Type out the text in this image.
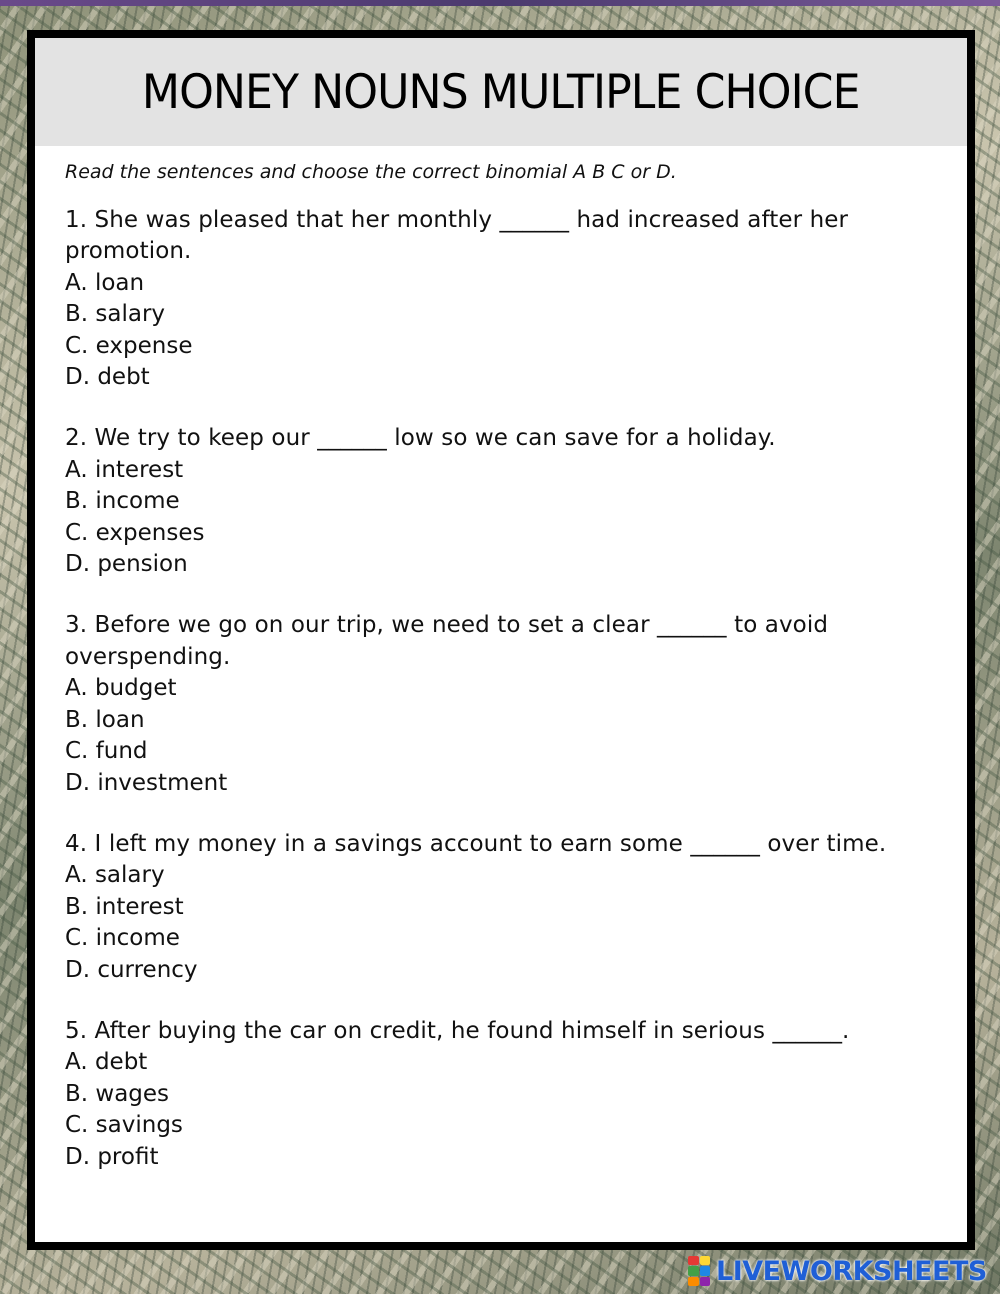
MONEY NOUNS MULTIPLE CHOICE

Read the sentences and choose the correct binomial A B C or D.

1. She was pleased that her monthly ______ had increased after her promotion.

A. loan
B. salary
C. expense
D. debt

2. We try to keep our ______ low so we can save for a holiday.

A. interest
B. income
C. expenses
D. pension

3. Before we go on our trip, we need to set a clear ______ to avoid overspending.

A. budget
B. loan
C. fund
D. investment

4. I left my money in a savings account to earn some ______ over time.

A. salary
B. interest
C. income
D. currency

5. After buying the car on credit, he found himself in serious ______.

A. debt
B. wages
C. savings
D. profit
LIVEWORKSHEETS
